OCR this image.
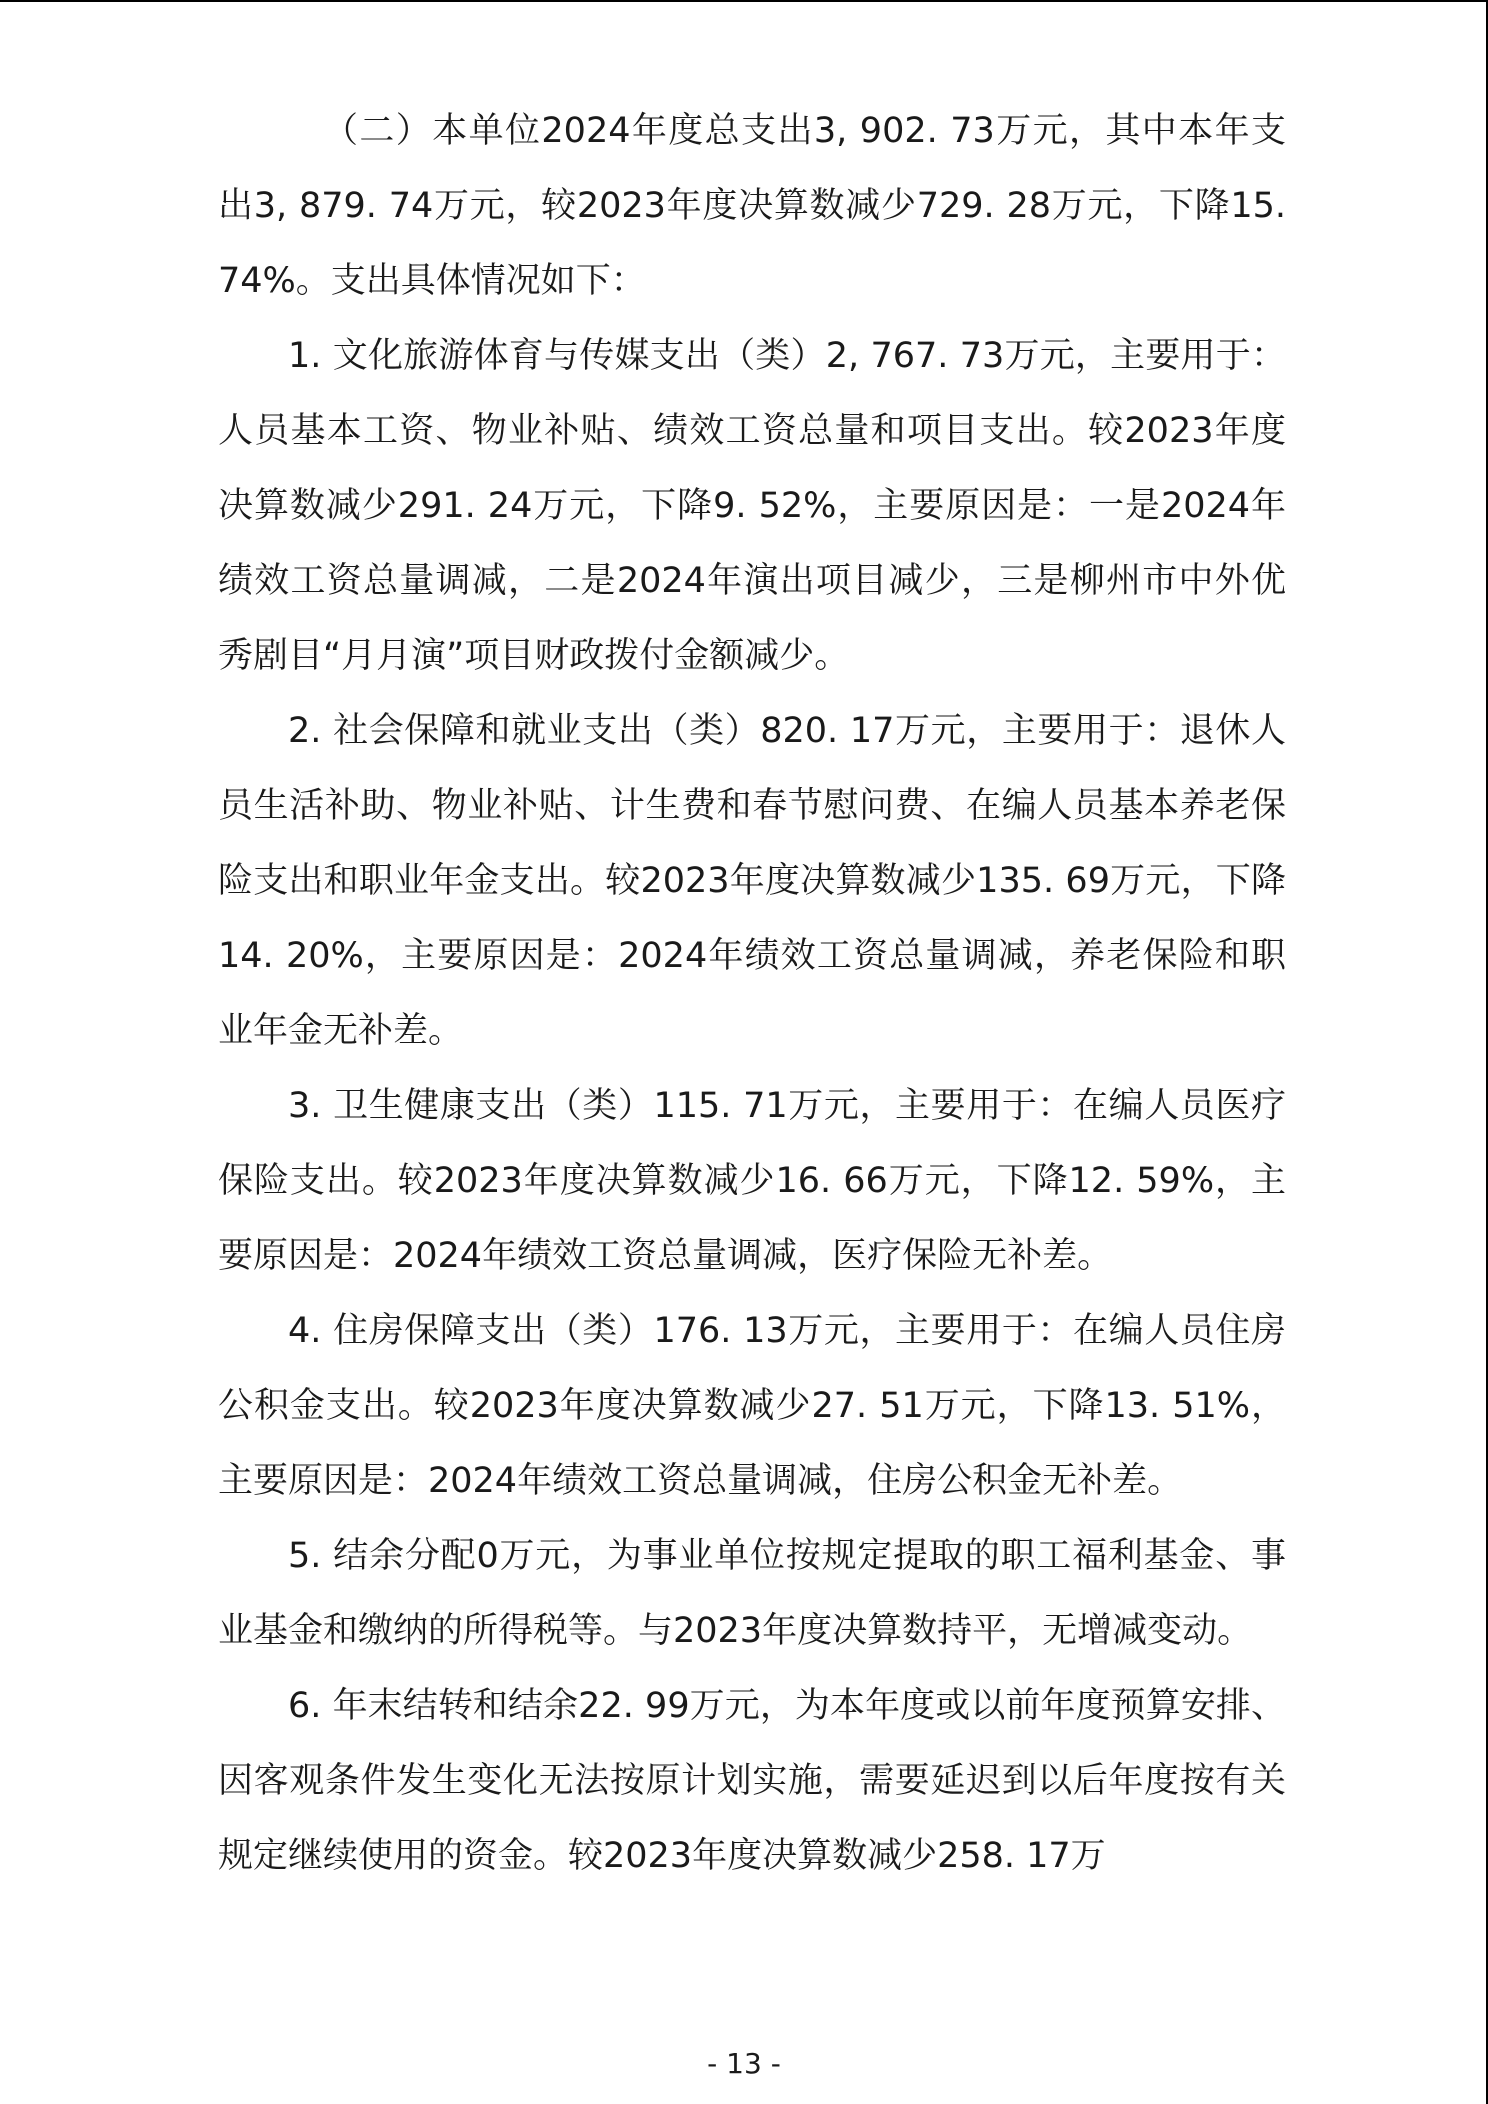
（二）本单位2024年度总支出3, 902. 73万元，其中本年支出3, 879. 74万元，较2023年度决算数减少729. 28万元，下降15. 74%。支出具体情况如下：

1. 文化旅游体育与传媒支出（类）2, 767. 73万元，主要用于：人员基本工资、物业补贴、绩效工资总量和项目支出。较2023年度决算数减少291. 24万元，下降9. 52%，主要原因是：一是2024年绩效工资总量调减，二是2024年演出项目减少，三是柳州市中外优秀剧目“月月演”项目财政拨付金额减少。

2. 社会保障和就业支出（类）820. 17万元，主要用于：退休人员生活补助、物业补贴、计生费和春节慰问费、在编人员基本养老保险支出和职业年金支出。较2023年度决算数减少135. 69万元，下降14. 20%，主要原因是：2024年绩效工资总量调减，养老保险和职业年金无补差。

3. 卫生健康支出（类）115. 71万元，主要用于：在编人员医疗保险支出。较2023年度决算数减少16. 66万元，下降12. 59%，主要原因是：2024年绩效工资总量调减，医疗保险无补差。

4. 住房保障支出（类）176. 13万元，主要用于：在编人员住房公积金支出。较2023年度决算数减少27. 51万元，下降13. 51%，主要原因是：2024年绩效工资总量调减，住房公积金无补差。

5. 结余分配0万元，为事业单位按规定提取的职工福利基金、事业基金和缴纳的所得税等。与2023年度决算数持平，无增减变动。

6. 年末结转和结余22. 99万元，为本年度或以前年度预算安排、因客观条件发生变化无法按原计划实施，需要延迟到以后年度按有关规定继续使用的资金。较2023年度决算数减少258. 17万

- 13 -
